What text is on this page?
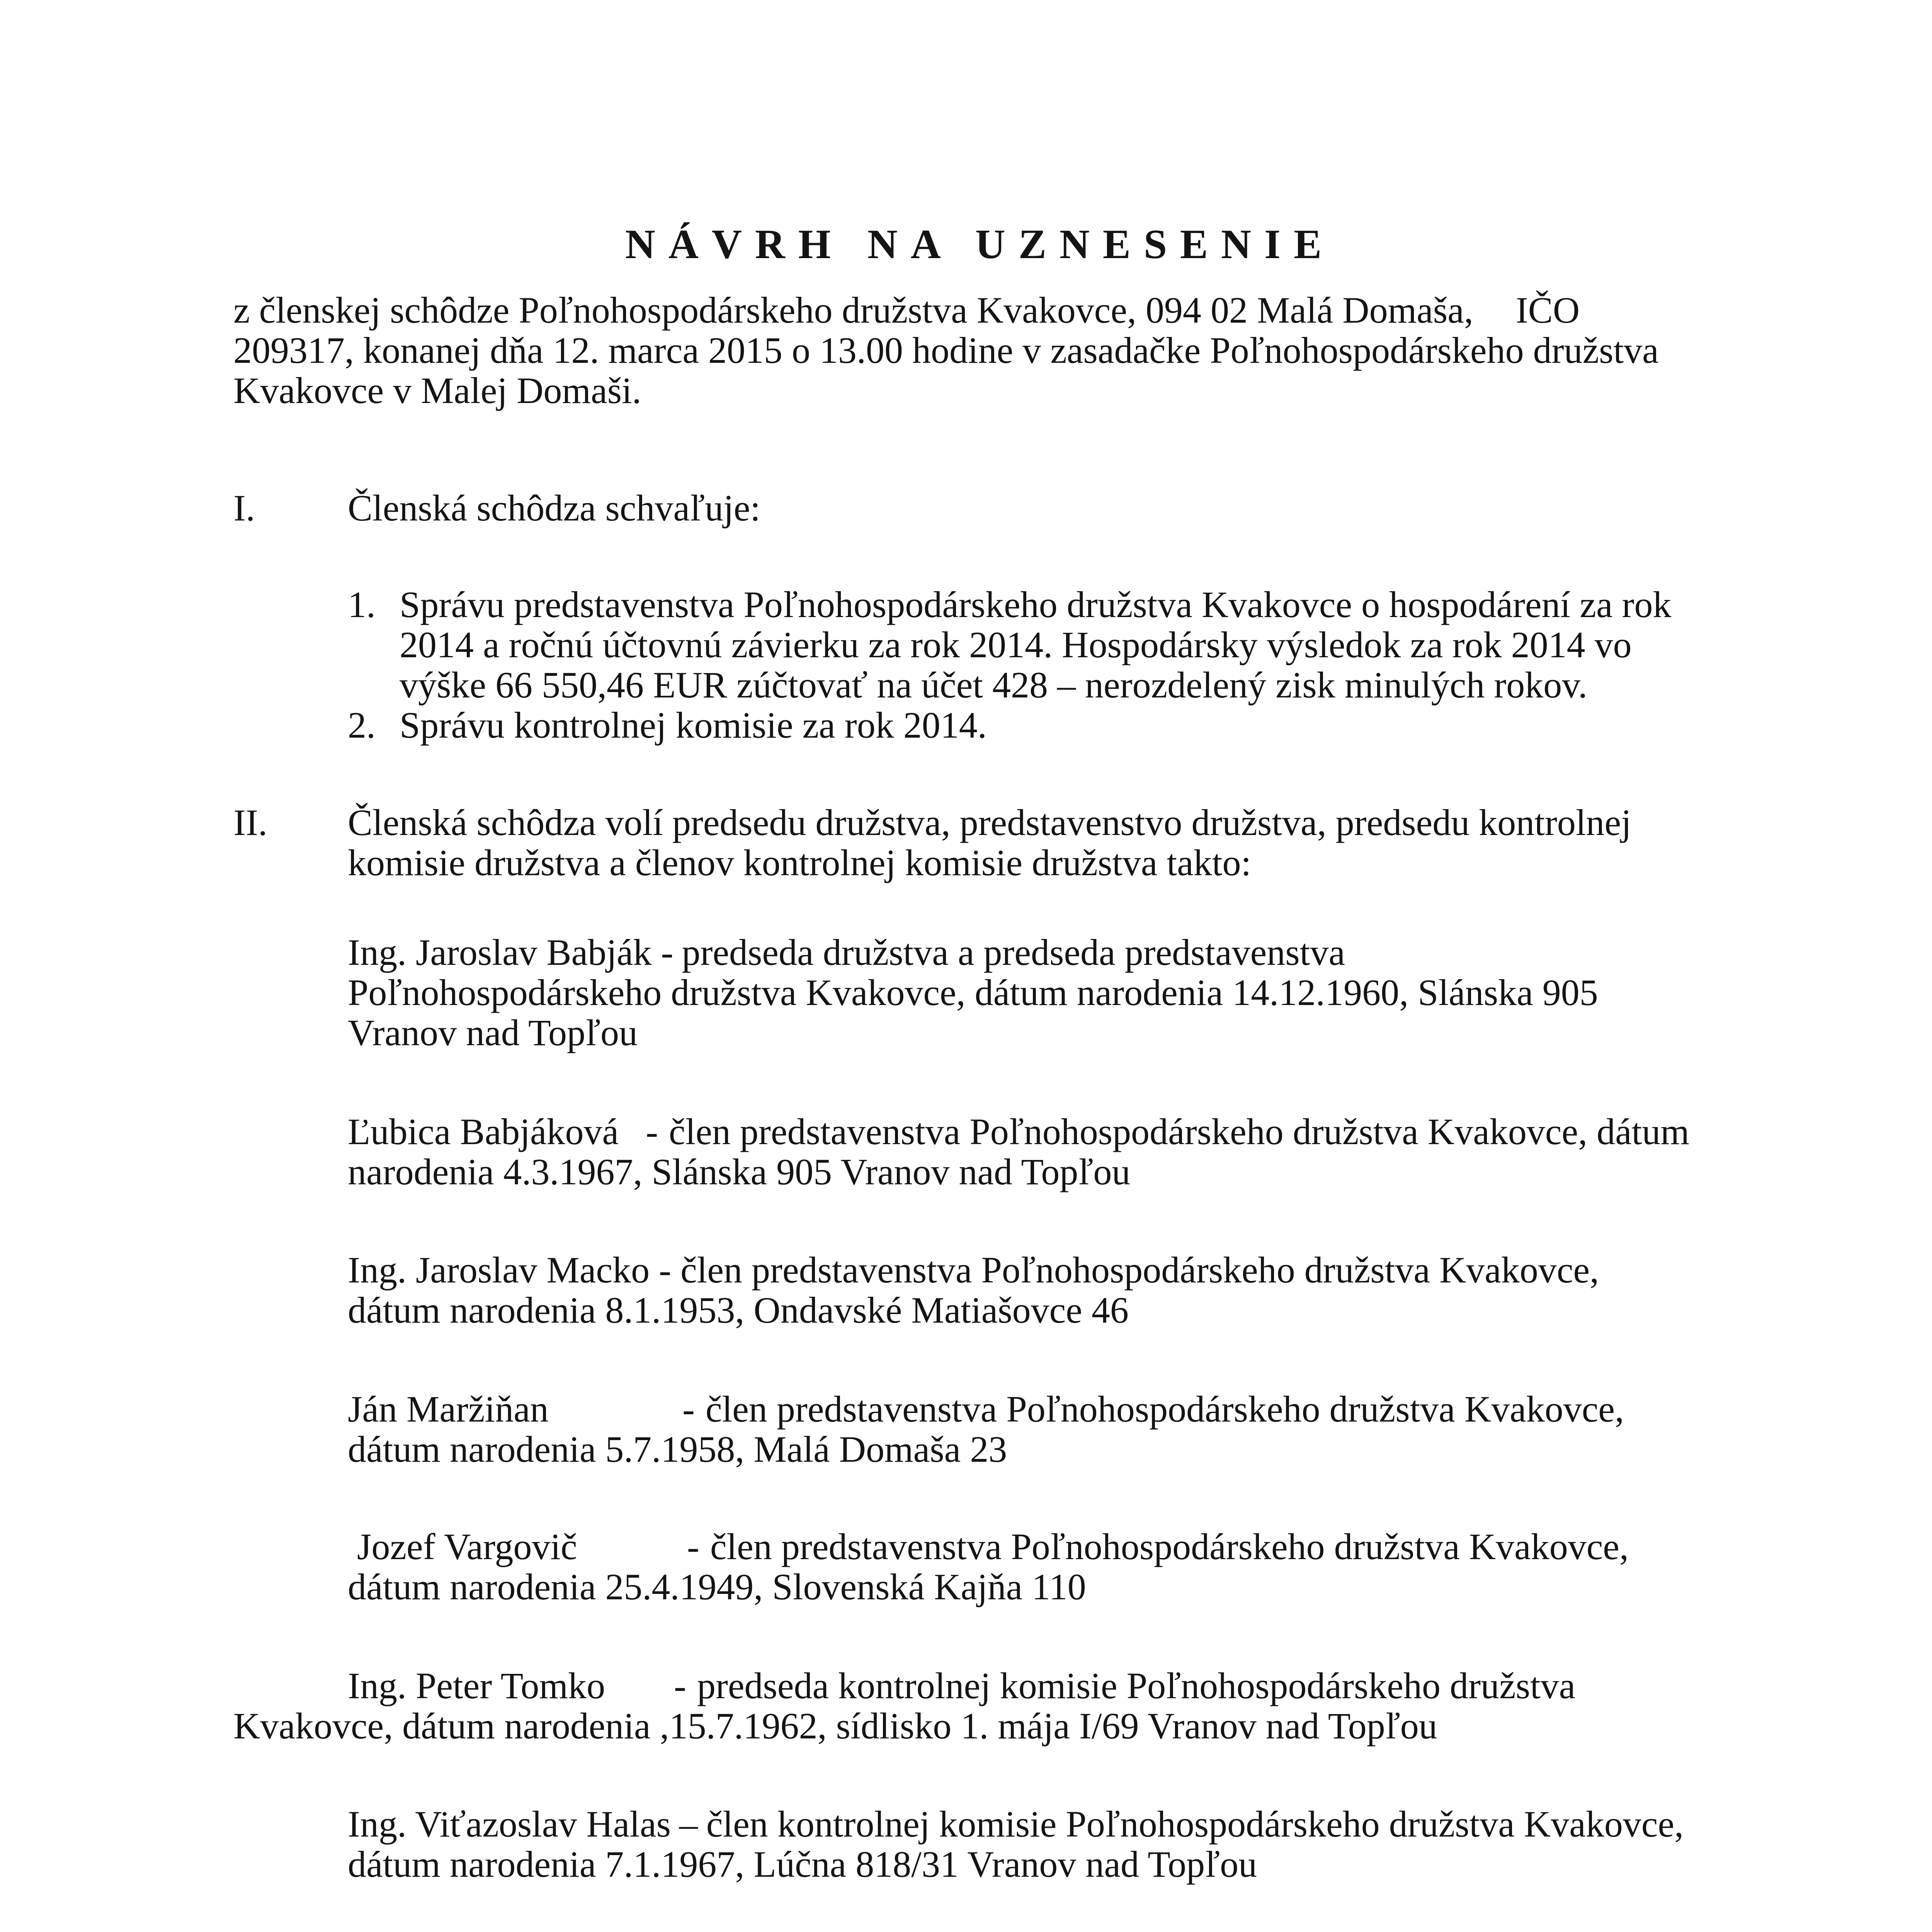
NÁVRH NA UZNESENIE

z členskej schôdze Poľnohospodárskeho družstva Kvakovce, 094 02 Malá Domaša, IČO

209317, konanej dňa 12. marca 2015 o 13.00 hodine v zasadačke Poľnohospodárskeho družstva

Kvakovce v Malej Domaši.

I.	Členská schôdza schvaľuje:

1. Správu predstavenstva Poľnohospodárskeho družstva Kvakovce o hospodárení za rok

2014 a ročnú účtovnú závierku za rok 2014. Hospodársky výsledok za rok 2014 vo

výške 66 550,46 EUR zúčtovať na účet 428 – nerozdelený zisk minulých rokov.

2. Správu kontrolnej komisie za rok 2014.

II. Členská schôdza volí predsedu družstva, predstavenstvo družstva, predsedu kontrolnej

komisie družstva a členov kontrolnej komisie družstva takto:

Ing. Jaroslav Babják - predseda družstva a predseda predstavenstva

Poľnohospodárskeho družstva Kvakovce, dátum narodenia 14.12.1960, Slánska 905

Vranov nad Topľou

Ľubica Babjáková - člen predstavenstva Poľnohospodárskeho družstva Kvakovce, dátum

narodenia 4.3.1967, Slánska 905 Vranov nad Topľou

Ing. Jaroslav Macko - člen predstavenstva Poľnohospodárskeho družstva Kvakovce,

dátum narodenia 8.1.1953, Ondavské Matiašovce 46

Ján Maržiňan	- člen predstavenstva Poľnohospodárskeho družstva Kvakovce,

dátum narodenia 5.7.1958, Malá Domaša 23

Jozef Vargovič	- člen predstavenstva Poľnohospodárskeho družstva Kvakovce,

dátum narodenia 25.4.1949, Slovenská Kajňa 110

Ing. Peter Tomko - predseda kontrolnej komisie Poľnohospodárskeho družstva

Kvakovce, dátum narodenia ,15.7.1962, sídlisko 1. mája I/69 Vranov nad Topľou

Ing. Viťazoslav Halas – člen kontrolnej komisie Poľnohospodárskeho družstva Kvakovce,

dátum narodenia 7.1.1967, Lúčna 818/31 Vranov nad Topľou
